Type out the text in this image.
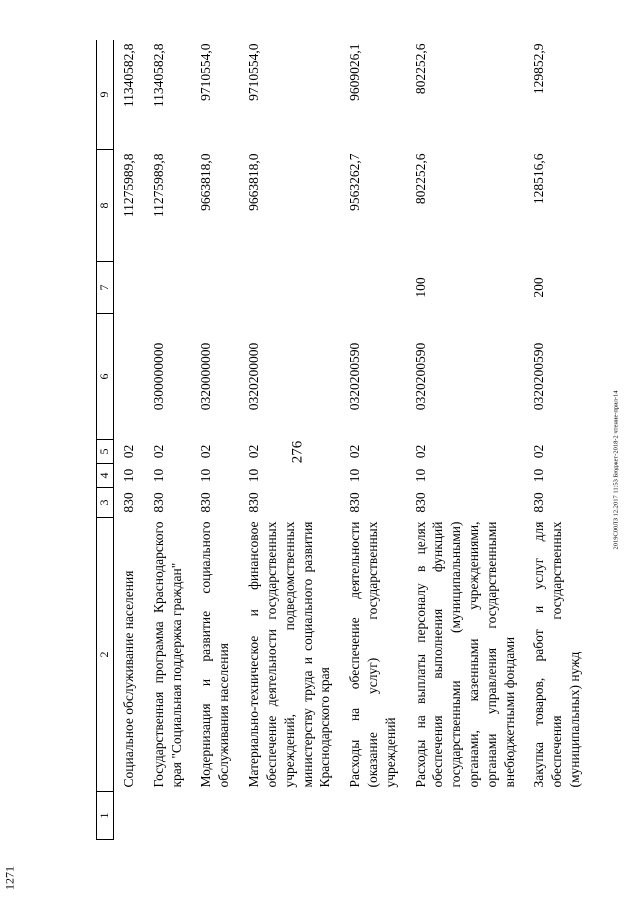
276
1	2	3	4	5	6	7	8	9
	Социальное обслуживание населения	830	10	02			11275989,8	11340582,8
	Государственная программа Краснодарского края "Социальная поддержка граждан"	830	10	02	0300000000		11275989,8	11340582,8
	Модернизация и развитие социального обслуживания населения	830	10	02	0320000000		9663818,0	9710554,0
	Материально-техническое и финансовое обеспечение деятельности государственных учреждений, подведомственных министерству труда и социального развития Краснодарского края	830	10	02	0320200000		9663818,0	9710554,0
	Расходы на обеспечение деятельности (оказание услуг) государственных учреждений	830	10	02	0320200590		9563262,7	9609026,1
	Расходы на выплаты персоналу в целях обеспечения выполнения функций государственными (муниципальными) органами, казенными учреждениями, органами управления государственными внебюджетными фондами	830	10	02	0320200590	100	802252,6	802252,6
	Закупка товаров, работ и услуг для обеспечения государственных (муниципальных) нужд	830	10	02	0320200590	200	128516,6	129852,9
1271
2019С00ЛЗ 12.2017 11:53 Бюджет-2018-2 чтение-прил-14
